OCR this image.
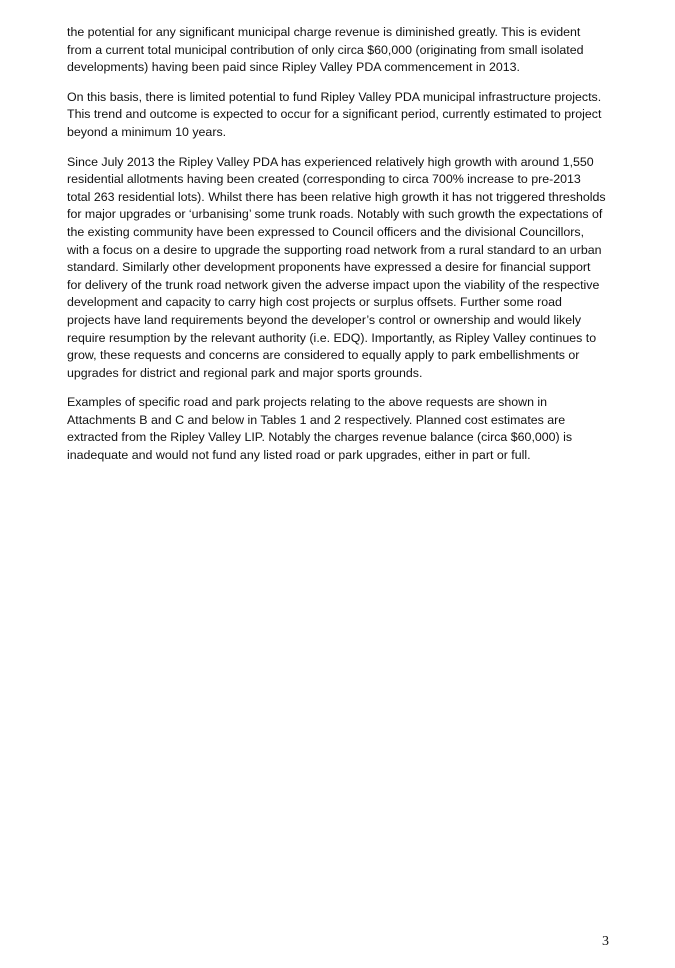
the potential for any significant municipal charge revenue is diminished greatly. This is evident from a current total municipal contribution of only circa $60,000 (originating from small isolated developments) having been paid since Ripley Valley PDA commencement in 2013.

On this basis, there is limited potential to fund Ripley Valley PDA municipal infrastructure projects. This trend and outcome is expected to occur for a significant period, currently estimated to project beyond a minimum 10 years.

Since July 2013 the Ripley Valley PDA has experienced relatively high growth with around 1,550 residential allotments having been created (corresponding to circa 700% increase to pre-2013 total 263 residential lots). Whilst there has been relative high growth it has not triggered thresholds for major upgrades or ‘urbanising’ some trunk roads. Notably with such growth the expectations of the existing community have been expressed to Council officers and the divisional Councillors, with a focus on a desire to upgrade the supporting road network from a rural standard to an urban standard. Similarly other development proponents have expressed a desire for financial support for delivery of the trunk road network given the adverse impact upon the viability of the respective development and capacity to carry high cost projects or surplus offsets. Further some road projects have land requirements beyond the developer’s control or ownership and would likely require resumption by the relevant authority (i.e. EDQ). Importantly, as Ripley Valley continues to grow, these requests and concerns are considered to equally apply to park embellishments or upgrades for district and regional park and major sports grounds.

Examples of specific road and park projects relating to the above requests are shown in Attachments B and C and below in Tables 1 and 2 respectively. Planned cost estimates are extracted from the Ripley Valley LIP. Notably the charges revenue balance (circa $60,000) is inadequate and would not fund any listed road or park upgrades, either in part or full.

3
